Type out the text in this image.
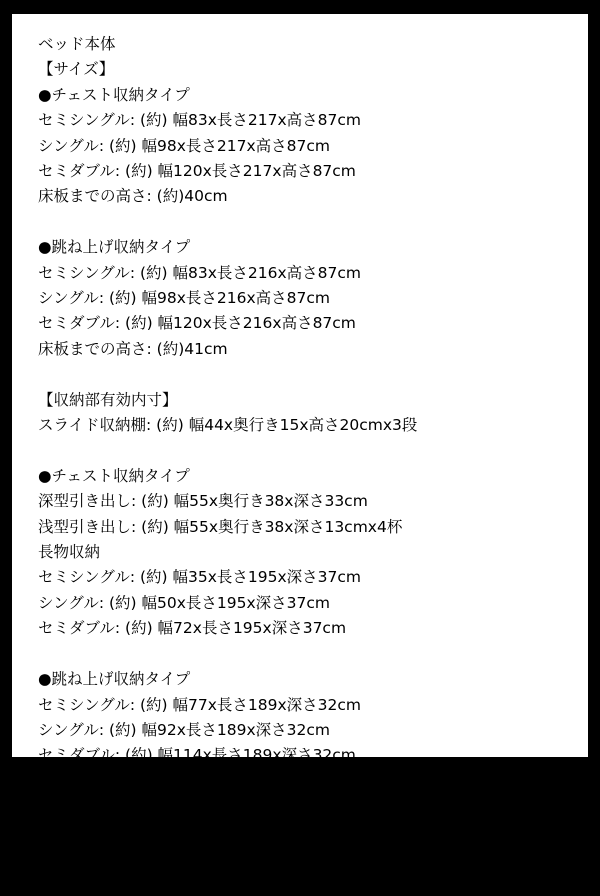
ベッド本体
【サイズ】
●チェスト収納タイプ
セミシングル: (約) 幅83x長さ217x高さ87cm
シングル: (約) 幅98x長さ217x高さ87cm
セミダブル: (約) 幅120x長さ217x高さ87cm
床板までの高さ: (約)40cm
●跳ね上げ収納タイプ
セミシングル: (約) 幅83x長さ216x高さ87cm
シングル: (約) 幅98x長さ216x高さ87cm
セミダブル: (約) 幅120x長さ216x高さ87cm
床板までの高さ: (約)41cm
【収納部有効内寸】
スライド収納棚: (約) 幅44x奥行き15x高さ20cmx3段
●チェスト収納タイプ
深型引き出し: (約) 幅55x奥行き38x深さ33cm
浅型引き出し: (約) 幅55x奥行き38x深さ13cmx4杯
長物収納
セミシングル: (約) 幅35x長さ195x深さ37cm
シングル: (約) 幅50x長さ195x深さ37cm
セミダブル: (約) 幅72x長さ195x深さ37cm
●跳ね上げ収納タイプ
セミシングル: (約) 幅77x長さ189x深さ32cm
シングル: (約) 幅92x長さ189x深さ32cm
セミダブル: (約) 幅114x長さ189x深さ32cm
【材質】化粧繊維板
【カラー】ホワイト、ダークブラウン
【機能】2口コンセント(1500W)
【生産国】台湾
